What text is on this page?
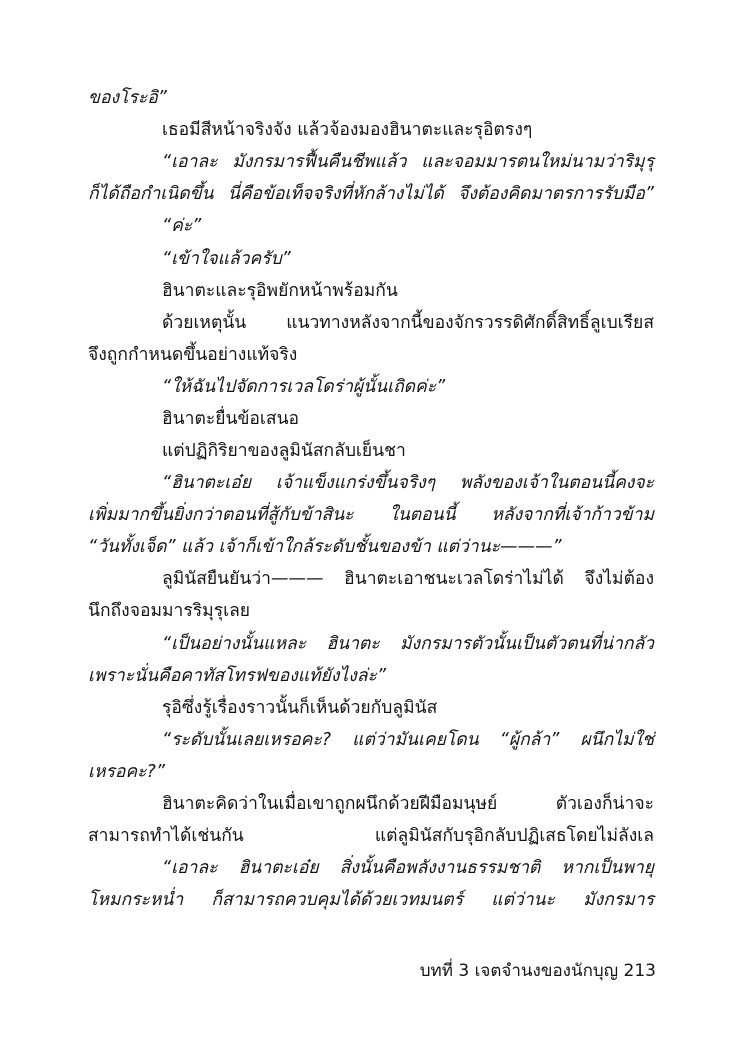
ของโระอิ”

เธอมีสีหน้าจริงจัง แล้วจ้องมองฮินาตะและรุอิตรงๆ

“เอาละ มังกรมารฟื้นคืนชีพแล้ว และจอมมารตนใหม่นามว่าริมุรุ

ก็ได้ถือกำเนิดขึ้น นี่คือข้อเท็จจริงที่หักล้างไม่ได้ จึงต้องคิดมาตรการรับมือ”

“ค่ะ”

“เข้าใจแล้วครับ”

ฮินาตะและรุอิพยักหน้าพร้อมกัน

ด้วยเหตุนั้น แนวทางหลังจากนี้ของจักรวรรดิศักดิ์สิทธิ์ลูเบเรียส

จึงถูกกำหนดขึ้นอย่างแท้จริง

“ให้ฉันไปจัดการเวลโดร่าผู้นั้นเถิดค่ะ”

ฮินาตะยื่นข้อเสนอ

แต่ปฏิกิริยาของลูมินัสกลับเย็นชา

“ฮินาตะเอ๋ย เจ้าแข็งแกร่งขึ้นจริงๆ พลังของเจ้าในตอนนี้คงจะ

เพิ่มมากขึ้นยิ่งกว่าตอนที่สู้กับข้าสินะ ในตอนนี้ หลังจากที่เจ้าก้าวข้าม

“วันทั้งเจ็ด” แล้ว เจ้าก็เข้าใกล้ระดับชั้นของข้า แต่ว่านะ———”

ลูมินัสยืนยันว่า——— ฮินาตะเอาชนะเวลโดร่าไม่ได้ จึงไม่ต้อง

นึกถึงจอมมารริมุรุเลย

“เป็นอย่างนั้นแหละ ฮินาตะ มังกรมารตัวนั้นเป็นตัวตนที่น่ากลัว

เพราะนั่นคือคาทัสโทรฟของแท้ยังไงล่ะ”

รุอิซึ่งรู้เรื่องราวนั้นก็เห็นด้วยกับลูมินัส

“ระดับนั้นเลยเหรอคะ? แต่ว่ามันเคยโดน “ผู้กล้า” ผนึกไม่ใช่

เหรอคะ?”

ฮินาตะคิดว่าในเมื่อเขาถูกผนึกด้วยฝีมือมนุษย์ ตัวเองก็น่าจะ

สามารถทำได้เช่นกัน แต่ลูมินัสกับรุอิกลับปฏิเสธโดยไม่ลังเล

“เอาละ ฮินาตะเอ๋ย สิ่งนั้นคือพลังงานธรรมชาติ หากเป็นพายุ

โหมกระหน่ำ ก็สามารถควบคุมได้ด้วยเวทมนตร์ แต่ว่านะ มังกรมาร

บทที่ 3 เจตจำนงของนักบุญ 213
